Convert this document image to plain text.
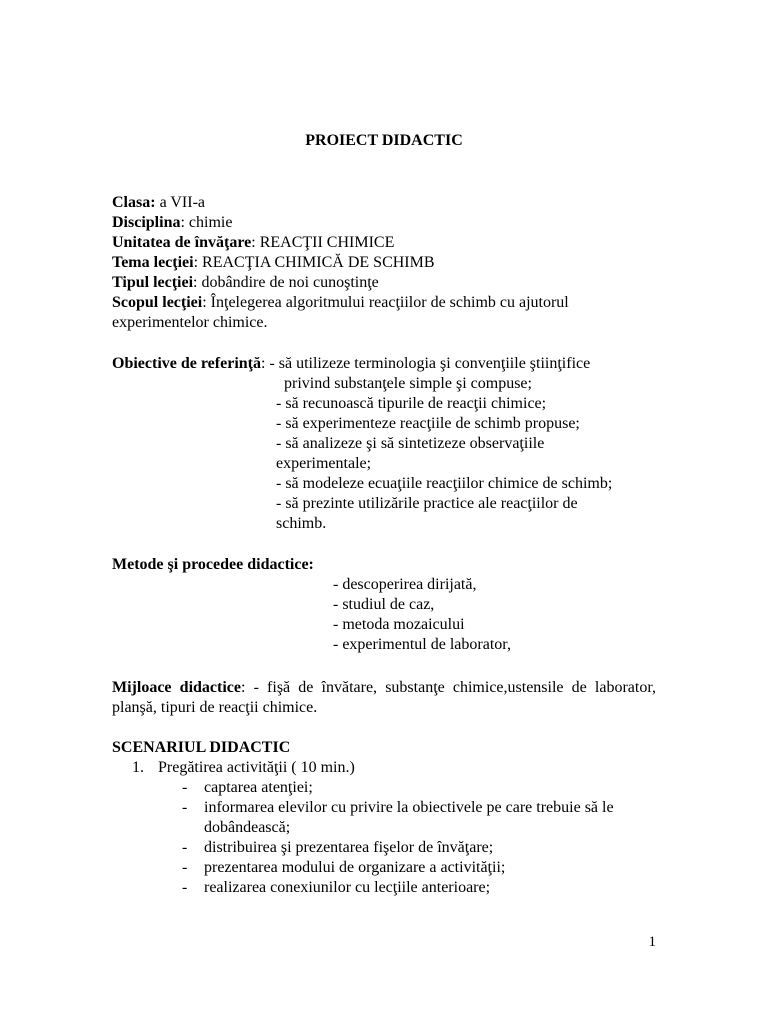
PROIECT DIDACTIC
Clasa: a VII-a
Disciplina: chimie
Unitatea de învăţare: REACŢII CHIMICE
Tema lecţiei: REACŢIA CHIMICĂ DE SCHIMB
Tipul lecţiei: dobândire de noi cunoştinţe
Scopul lecţiei: Înţelegerea algoritmului reacţiilor de schimb cu ajutorul
experimentelor chimice.
Obiective de referinţă: - să utilizeze terminologia şi convenţiile ştiinţifice
privind substanţele simple şi compuse;
- să recunoască tipurile de reacţii chimice;
- să experimenteze reacţiile de schimb propuse;
- să analizeze şi să sintetizeze observaţiile
experimentale;
- să modeleze ecuaţiile reacţiilor chimice de schimb;
- să prezinte utilizările practice ale reacţiilor de
schimb.
Metode şi procedee didactice:
- descoperirea dirijată,
- studiul de caz,
- metoda mozaicului
- experimentul de laborator,
Mijloace didactice: - fişă de învătare, substanţe chimice,ustensile de laborator, planşă, tipuri de reacţii chimice.
SCENARIUL DIDACTIC
1. Pregătirea activităţii ( 10 min.)
- captarea atenţiei;
- informarea elevilor cu privire la obiectivele pe care trebuie să le
dobândească;
- distribuirea şi prezentarea fişelor de învăţare;
- prezentarea modului de organizare a activităţii;
- realizarea conexiunilor cu lecţiile anterioare;
1
